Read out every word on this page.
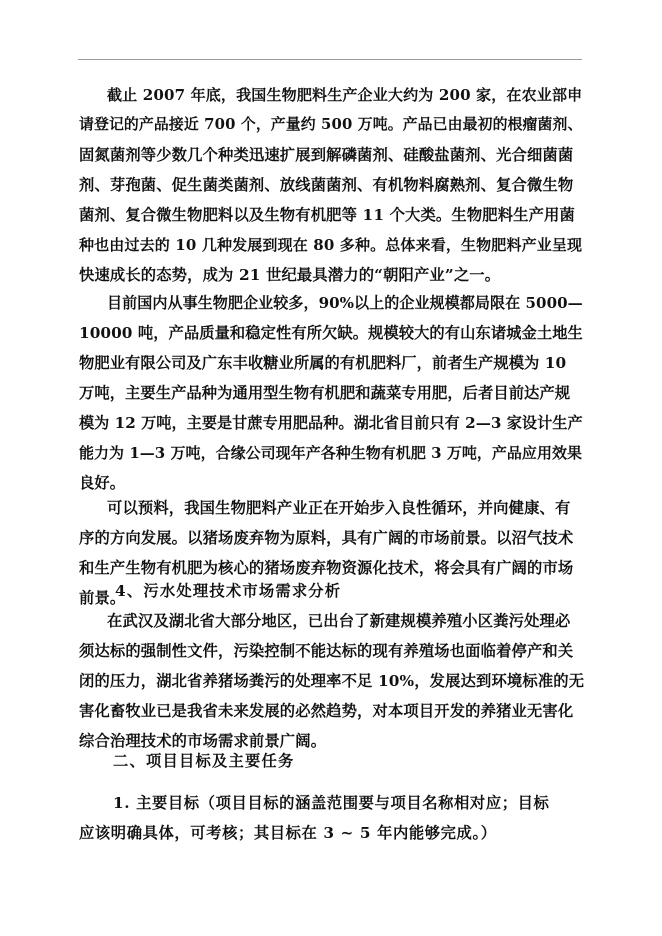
截止 2007 年底，我国生物肥料生产企业大约为 200 家，在农业部申
请登记的产品接近 700 个，产量约 500 万吨。产品已由最初的根瘤菌剂、
固氮菌剂等少数几个种类迅速扩展到解磷菌剂、硅酸盐菌剂、光合细菌菌
剂、芽孢菌、促生菌类菌剂、放线菌菌剂、有机物料腐熟剂、复合微生物
菌剂、复合微生物肥料以及生物有机肥等 11 个大类。生物肥料生产用菌
种也由过去的 10 几种发展到现在 80 多种。总体来看，生物肥料产业呈现
快速成长的态势，成为 21 世纪最具潜力的“朝阳产业”之一。
目前国内从事生物肥企业较多，90%以上的企业规模都局限在 5000—
10000 吨，产品质量和稳定性有所欠缺。规模较大的有山东诸城金土地生
物肥业有限公司及广东丰收糖业所属的有机肥料厂，前者生产规模为 10
万吨，主要生产品种为通用型生物有机肥和蔬菜专用肥，后者目前达产规
模为 12 万吨，主要是甘蔗专用肥品种。湖北省目前只有 2—3 家设计生产
能力为 1—3 万吨，合缘公司现年产各种生物有机肥 3 万吨，产品应用效果
良好。
可以预料，我国生物肥料产业正在开始步入良性循环，并向健康、有
序的方向发展。以猪场废弃物为原料，具有广阔的市场前景。以沼气技术
和生产生物有机肥为核心的猪场废弃物资源化技术，将会具有广阔的市场
前景。
4、污水处理技术市场需求分析
在武汉及湖北省大部分地区，已出台了新建规模养殖小区粪污处理必
须达标的强制性文件，污染控制不能达标的现有养殖场也面临着停产和关
闭的压力，湖北省养猪场粪污的处理率不足 10%，发展达到环境标准的无
害化畜牧业已是我省未来发展的必然趋势，对本项目开发的养猪业无害化
综合治理技术的市场需求前景广阔。
二、项目目标及主要任务
1. 主要目标（项目目标的涵盖范围要与项目名称相对应；目标
应该明确具体，可考核；其目标在 3 ~ 5 年内能够完成。）
